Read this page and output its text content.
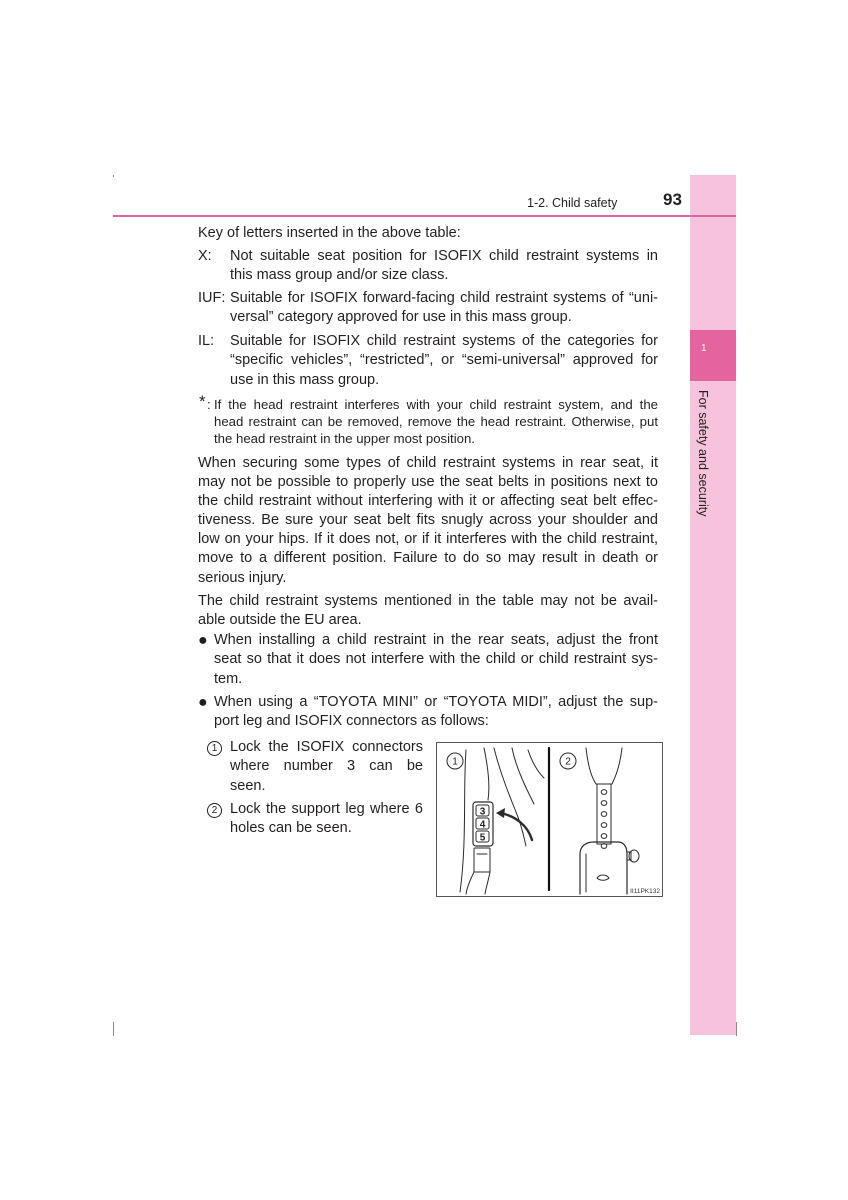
1
For safety and security
1-2. Child safety	93
Key of letters inserted in the above table:
X: Not suitable seat position for ISOFIX child restraint systems in
this mass group and/or size class.
IUF: Suitable for ISOFIX forward-facing child restraint systems of “uni-
versal” category approved for use in this mass group.
IL: Suitable for ISOFIX child restraint systems of the categories for
“specific vehicles”, “restricted”, or “semi-universal” approved for
use in this mass group.
* : If the head restraint interferes with your child restraint system, and the
head restraint can be removed, remove the head restraint. Otherwise, put
the head restraint in the upper most position.
When securing some types of child restraint systems in rear seat, it
may not be possible to properly use the seat belts in positions next to
the child restraint without interfering with it or affecting seat belt effec-
tiveness. Be sure your seat belt fits snugly across your shoulder and
low on your hips. If it does not, or if it interferes with the child restraint,
move to a different position. Failure to do so may result in death or
serious injury.
The child restraint systems mentioned in the table may not be avail-
able outside the EU area.
● When installing a child restraint in the rear seats, adjust the front
seat so that it does not interfere with the child or child restraint sys-
tem.
● When using a “TOYOTA MINI” or “TOYOTA MIDI”, adjust the sup-
port leg and ISOFIX connectors as follows:
1 Lock the ISOFIX connectors
where number 3 can be
seen.
2 Lock the support leg where 6
holes can be seen.
3
4
5
1	2
II11PK132
